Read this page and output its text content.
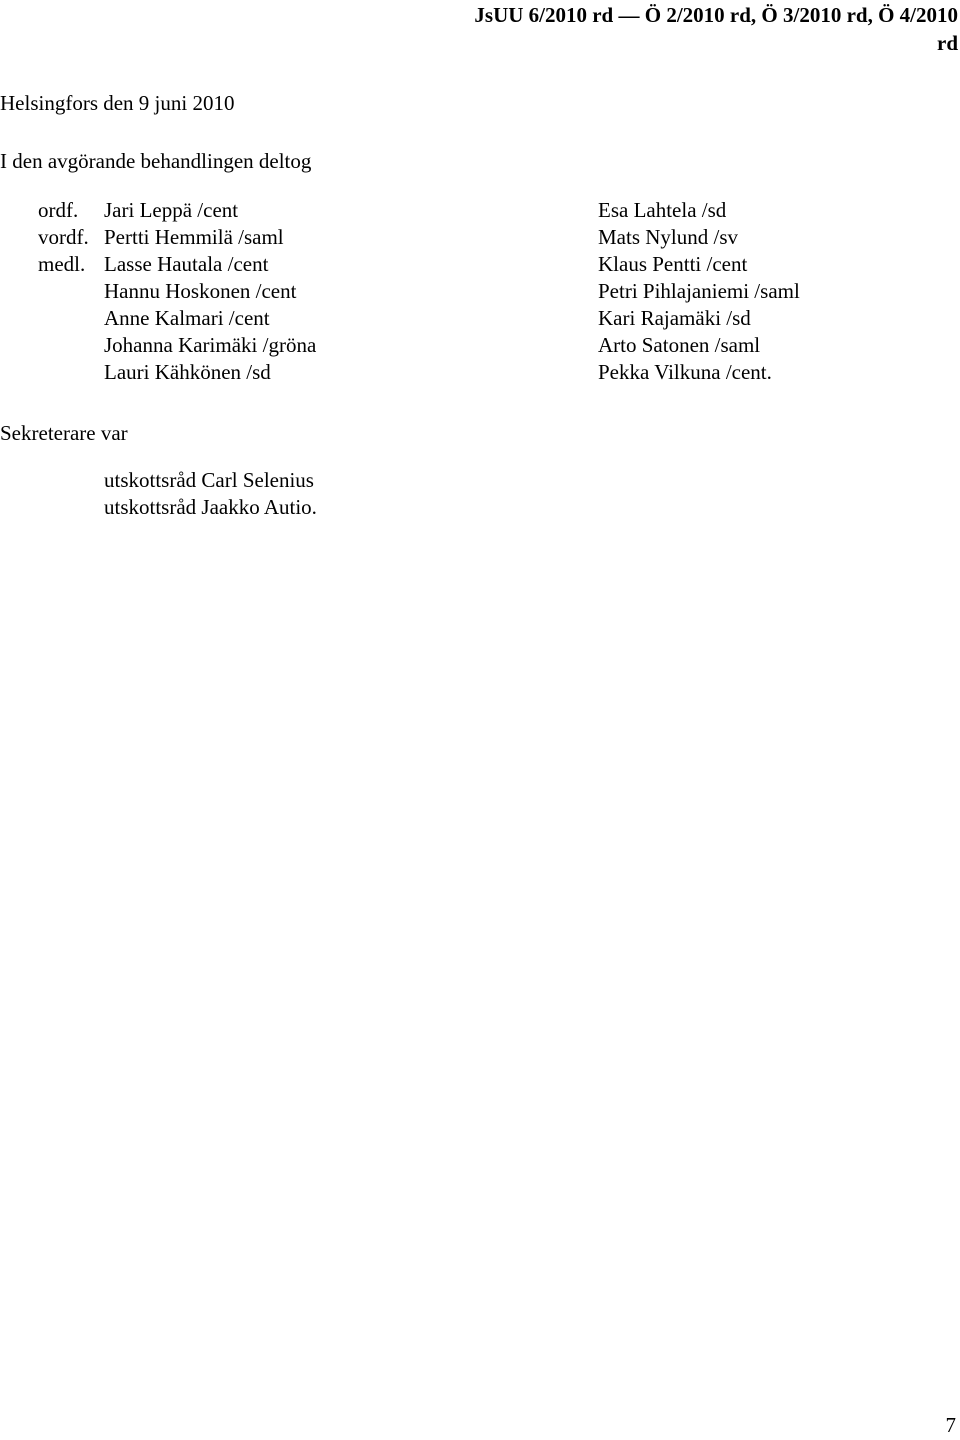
JsUU 6/2010 rd — Ö 2/2010 rd, Ö 3/2010 rd, Ö 4/2010
rd
Helsingfors den 9 juni 2010
I den avgörande behandlingen deltog
ordf.
vordf.
medl.
Jari Leppä /cent
Pertti Hemmilä /saml
Lasse Hautala /cent
Hannu Hoskonen /cent
Anne Kalmari /cent
Johanna Karimäki /gröna
Lauri Kähkönen /sd
Esa Lahtela /sd
Mats Nylund /sv
Klaus Pentti /cent
Petri Pihlajaniemi /saml
Kari Rajamäki /sd
Arto Satonen /saml
Pekka Vilkuna /cent.
Sekreterare var
utskottsråd Carl Selenius
utskottsråd Jaakko Autio.
7
